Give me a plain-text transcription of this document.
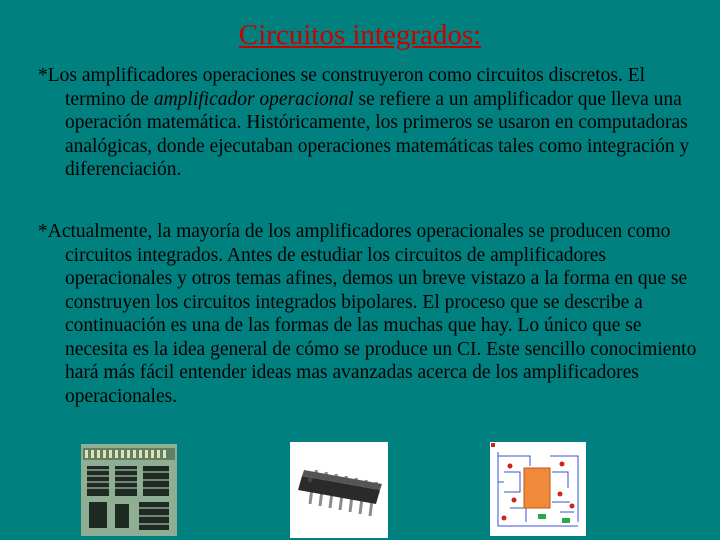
Circuitos integrados:

*Los amplificadores operaciones se construyeron como circuitos discretos. El termino de amplificador operacional se refiere a un amplificador que lleva una operación matemática. Históricamente, los primeros se usaron en computadoras analógicas, donde ejecutaban operaciones matemáticas tales como integración y diferenciación.

*Actualmente, la mayoría de los amplificadores operacionales se producen como circuitos integrados. Antes de estudiar los circuitos de amplificadores operacionales y otros temas afines, demos un breve vistazo a la forma en que se construyen los circuitos integrados bipolares. El proceso que se describe a continuación es una de las formas de las muchas que hay. Lo único que se necesita es la idea general de cómo se produce un CI. Este sencillo conocimiento hará más fácil entender ideas mas avanzadas acerca de los amplificadores operacionales.
